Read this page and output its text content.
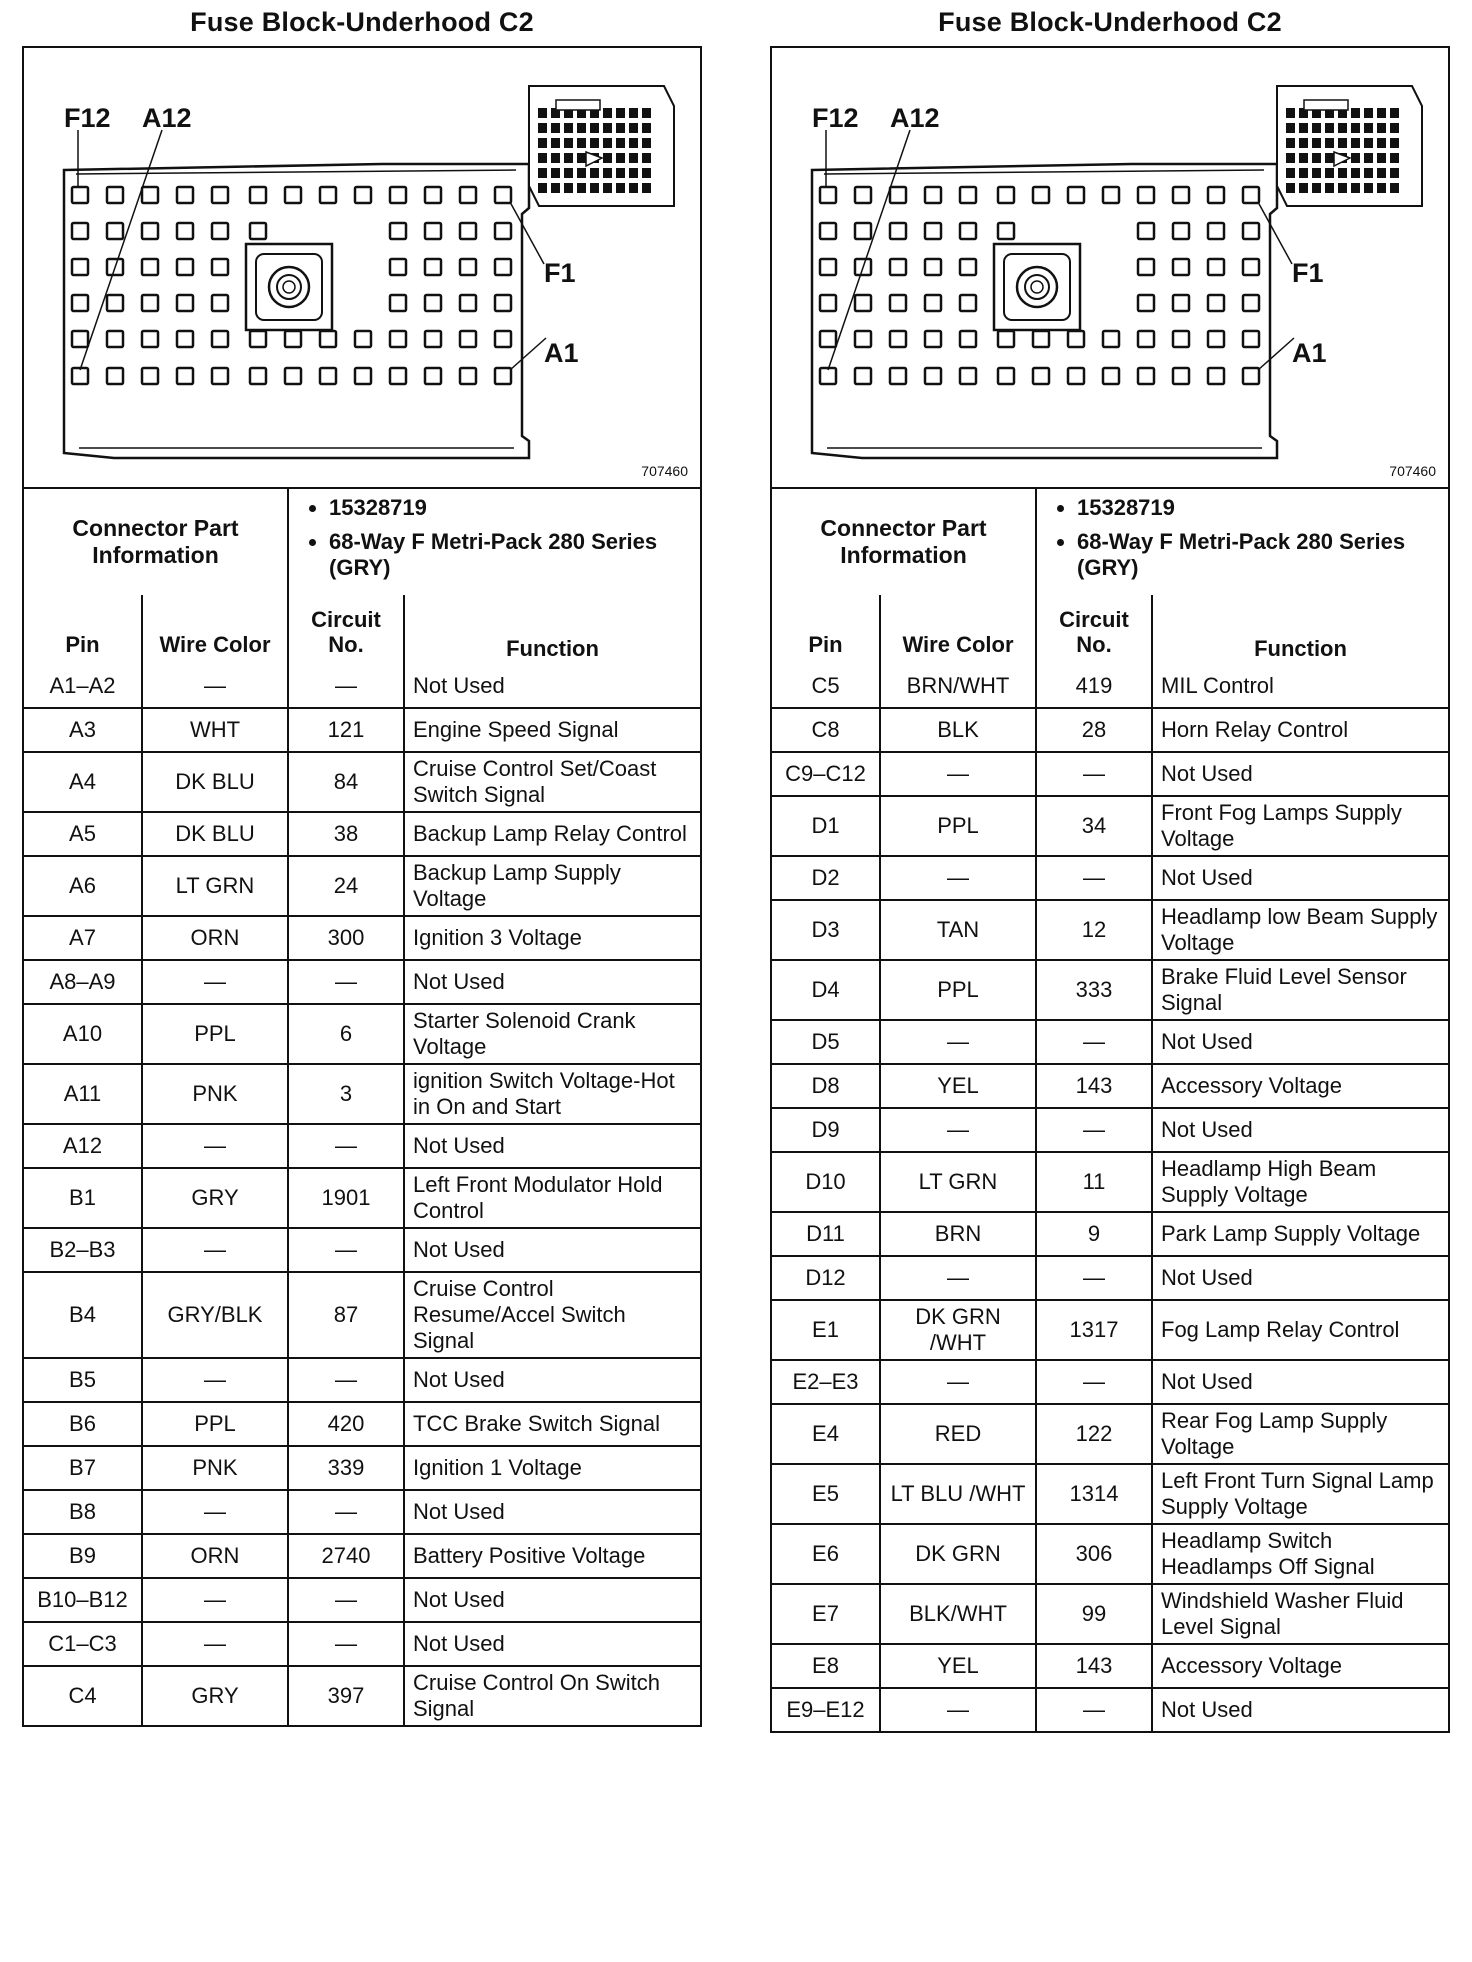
Fuse Block-Underhood C2
F12 A12
F1
A1
707460
Connector Part Information	
• 15328719
• 68-Way F Metri-Pack 280 Series (GRY)
Pin	Wire Color	Circuit No.	Function
A1–A2	—	—	Not Used
A3	WHT	121	Engine Speed Signal
A4	DK BLU	84	Cruise Control Set/Coast Switch Signal
A5	DK BLU	38	Backup Lamp Relay Control
A6	LT GRN	24	Backup Lamp Supply Voltage
A7	ORN	300	Ignition 3 Voltage
A8–A9	—	—	Not Used
A10	PPL	6	Starter Solenoid Crank Voltage
A11	PNK	3	ignition Switch Voltage-Hot in On and Start
A12	—	—	Not Used
B1	GRY	1901	Left Front Modulator Hold Control
B2–B3	—	—	Not Used
B4	GRY/BLK	87	Cruise Control Resume/Accel Switch Signal
B5	—	—	Not Used
B6	PPL	420	TCC Brake Switch Signal
B7	PNK	339	Ignition 1 Voltage
B8	—	—	Not Used
B9	ORN	2740	Battery Positive Voltage
B10–B12	—	—	Not Used
C1–C3	—	—	Not Used
C4	GRY	397	Cruise Control On Switch Signal
Fuse Block-Underhood C2
F12 A12
F1
A1
707460
Connector Part Information	
• 15328719
• 68-Way F Metri-Pack 280 Series (GRY)
Pin	Wire Color	Circuit No.	Function
C5	BRN/WHT	419	MIL Control
C8	BLK	28	Horn Relay Control
C9–C12	—	—	Not Used
D1	PPL	34	Front Fog Lamps Supply Voltage
D2	—	—	Not Used
D3	TAN	12	Headlamp low Beam Supply Voltage
D4	PPL	333	Brake Fluid Level Sensor Signal
D5	—	—	Not Used
D8	YEL	143	Accessory Voltage
D9	—	—	Not Used
D10	LT GRN	11	Headlamp High Beam Supply Voltage
D11	BRN	9	Park Lamp Supply Voltage
D12	—	—	Not Used
E1	DK GRN /WHT	1317	Fog Lamp Relay Control
E2–E3	—	—	Not Used
E4	RED	122	Rear Fog Lamp Supply Voltage
E5	LT BLU /WHT	1314	Left Front Turn Signal Lamp Supply Voltage
E6	DK GRN	306	Headlamp Switch Headlamps Off Signal
E7	BLK/WHT	99	Windshield Washer Fluid Level Signal
E8	YEL	143	Accessory Voltage
E9–E12	—	—	Not Used
